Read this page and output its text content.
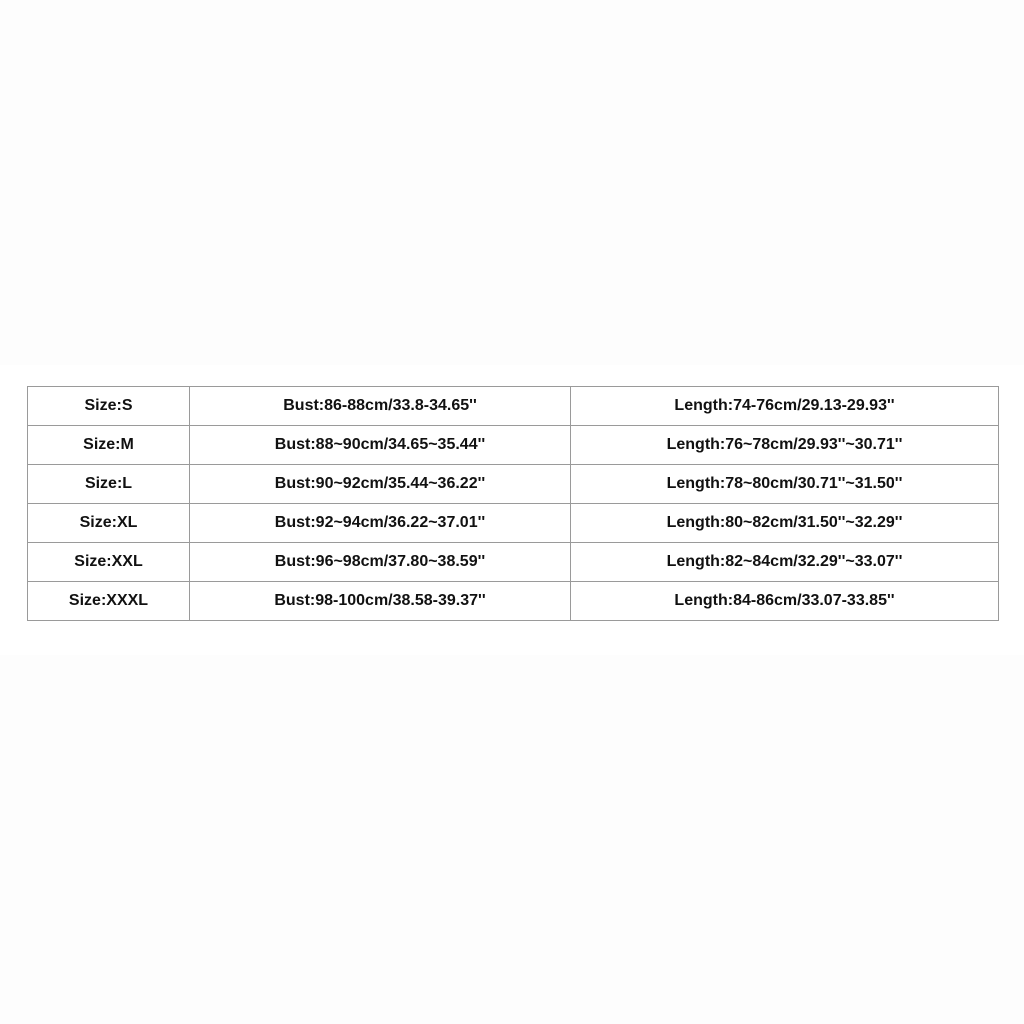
Size:S	Bust:86-88cm/33.8-34.65''	Length:74-76cm/29.13-29.93''
Size:M	Bust:88~90cm/34.65~35.44''	Length:76~78cm/29.93''~30.71''
Size:L	Bust:90~92cm/35.44~36.22''	Length:78~80cm/30.71''~31.50''
Size:XL	Bust:92~94cm/36.22~37.01''	Length:80~82cm/31.50''~32.29''
Size:XXL	Bust:96~98cm/37.80~38.59''	Length:82~84cm/32.29''~33.07''
Size:XXXL	Bust:98-100cm/38.58-39.37''	Length:84-86cm/33.07-33.85''
